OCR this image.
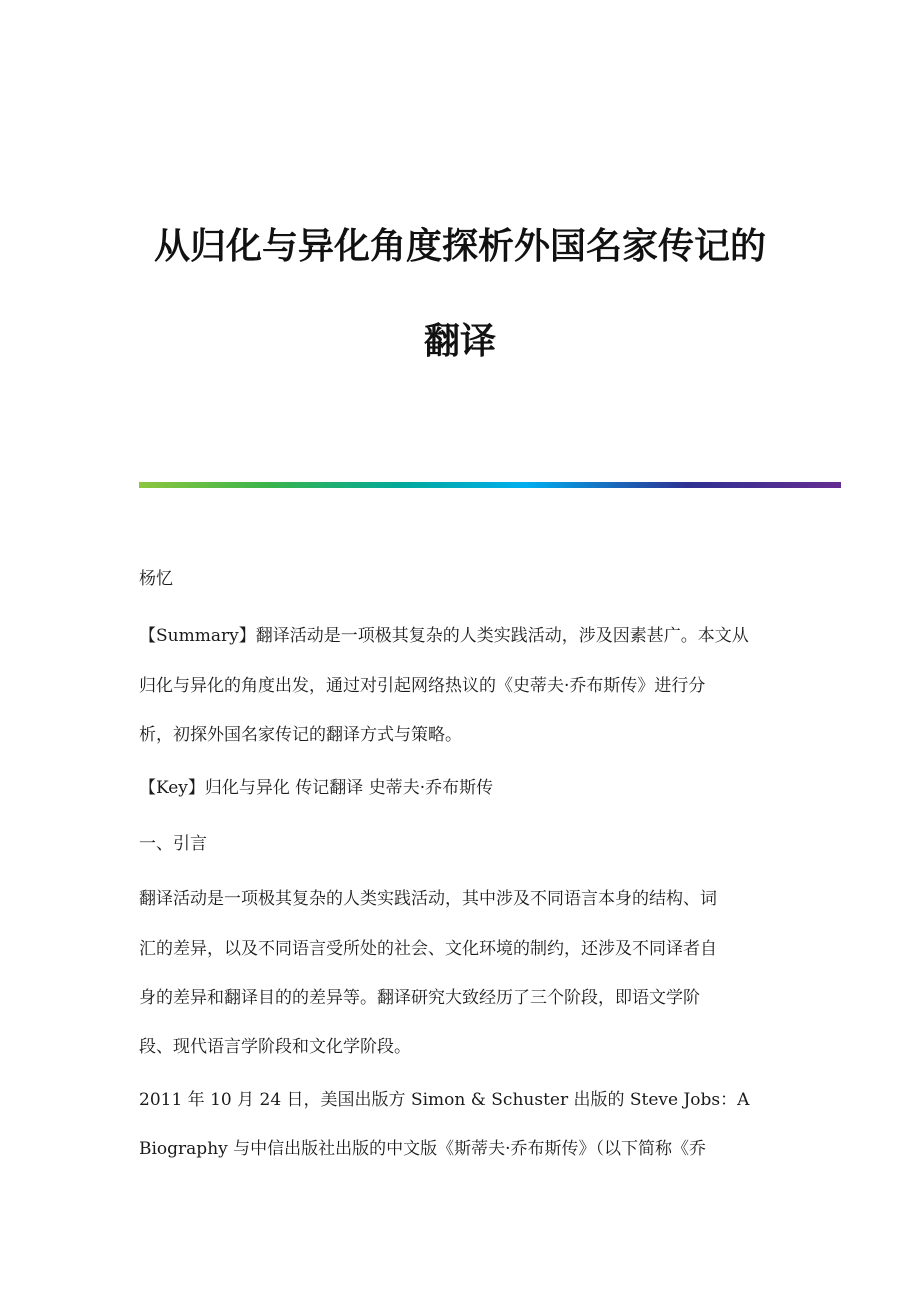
从归化与异化角度探析外国名家传记的
翻译

杨忆

【Summary】翻译活动是一项极其复杂的人类实践活动，涉及因素甚广。本文从

归化与异化的角度出发，通过对引起网络热议的《史蒂夫·乔布斯传》进行分

析，初探外国名家传记的翻译方式与策略。

【Key】归化与异化 传记翻译 史蒂夫·乔布斯传

一、引言

翻译活动是一项极其复杂的人类实践活动，其中涉及不同语言本身的结构、词

汇的差异，以及不同语言受所处的社会、文化环境的制约，还涉及不同译者自

身的差异和翻译目的的差异等。翻译研究大致经历了三个阶段，即语文学阶

段、现代语言学阶段和文化学阶段。

2011 年 10 月 24 日，美国出版方 Simon & Schuster 出版的 Steve Jobs：A

Biography 与中信出版社出版的中文版《斯蒂夫·乔布斯传》（以下简称《乔
